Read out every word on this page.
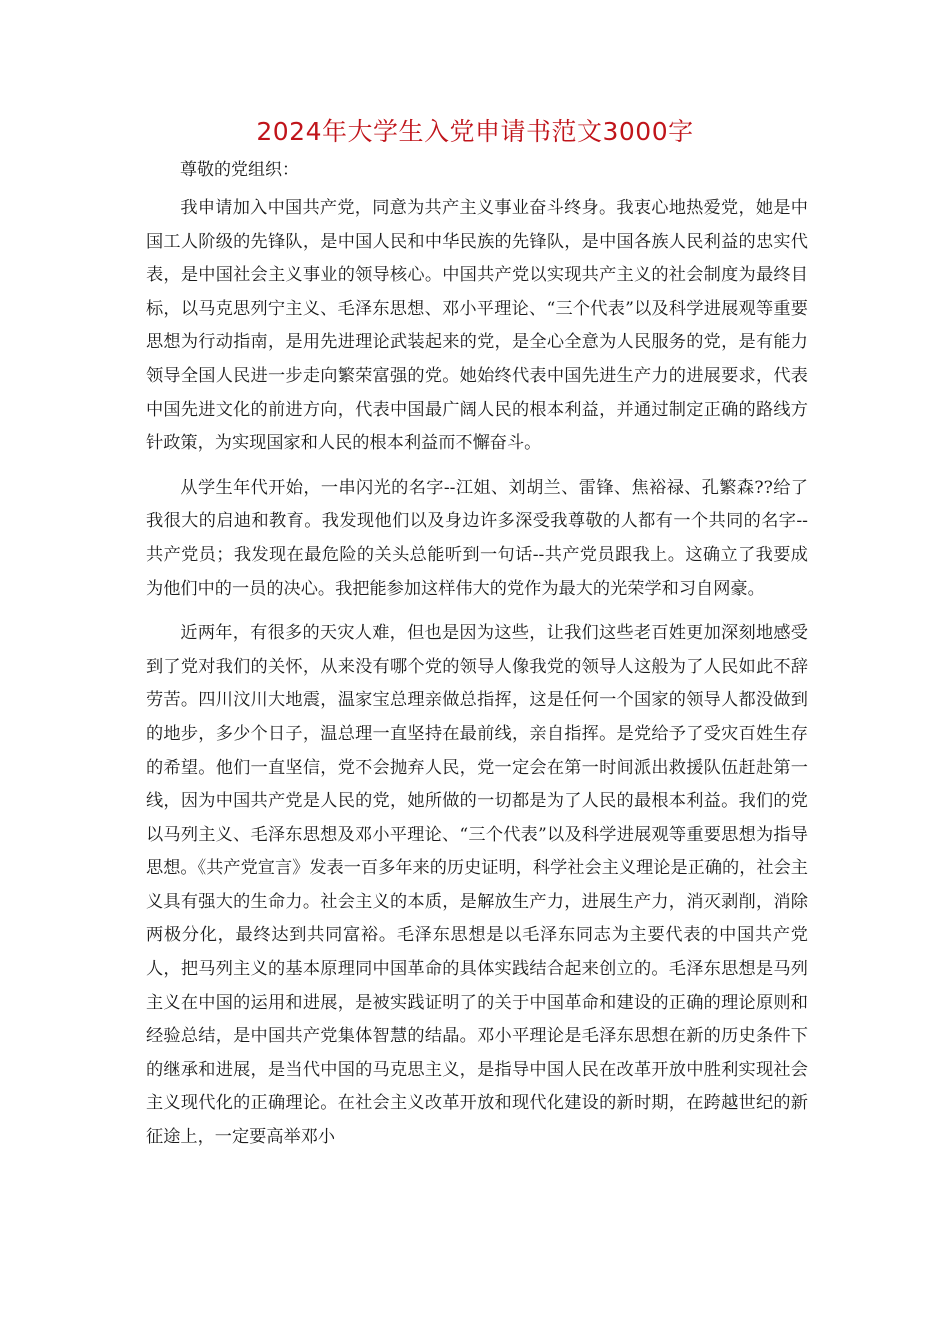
2024年大学生入党申请书范文3000字
尊敬的党组织：

我申请加入中国共产党，同意为共产主义事业奋斗终身。我衷心地热爱党，她是中国工人阶级的先锋队，是中国人民和中华民族的先锋队，是中国各族人民利益的忠实代表，是中国社会主义事业的领导核心。中国共产党以实现共产主义的社会制度为最终目标，以马克思列宁主义、毛泽东思想、邓小平理论、“三个代表”以及科学进展观等重要思想为行动指南，是用先进理论武装起来的党，是全心全意为人民服务的党，是有能力领导全国人民进一步走向繁荣富强的党。她始终代表中国先进生产力的进展要求，代表中国先进文化的前进方向，代表中国最广阔人民的根本利益，并通过制定正确的路线方针政策，为实现国家和人民的根本利益而不懈奋斗。

从学生年代开始，一串闪光的名字--江姐、刘胡兰、雷锋、焦裕禄、孔繁森??给了我很大的启迪和教育。我发现他们以及身边许多深受我尊敬的人都有一个共同的名字--共产党员；我发现在最危险的关头总能听到一句话--共产党员跟我上。这确立了我要成为他们中的一员的决心。我把能参加这样伟大的党作为最大的光荣学和习自网豪。

近两年，有很多的天灾人难，但也是因为这些，让我们这些老百姓更加深刻地感受到了党对我们的关怀，从来没有哪个党的领导人像我党的领导人这般为了人民如此不辞劳苦。四川汶川大地震，温家宝总理亲做总指挥，这是任何一个国家的领导人都没做到的地步，多少个日子，温总理一直坚持在最前线，亲自指挥。是党给予了受灾百姓生存的希望。他们一直坚信，党不会抛弃人民，党一定会在第一时间派出救援队伍赶赴第一线，因为中国共产党是人民的党，她所做的一切都是为了人民的最根本利益。我们的党以马列主义、毛泽东思想及邓小平理论、“三个代表”以及科学进展观等重要思想为指导思想。《共产党宣言》发表一百多年来的历史证明，科学社会主义理论是正确的，社会主义具有强大的生命力。社会主义的本质，是解放生产力，进展生产力，消灭剥削，消除两极分化，最终达到共同富裕。毛泽东思想是以毛泽东同志为主要代表的中国共产党人，把马列主义的基本原理同中国革命的具体实践结合起来创立的。毛泽东思想是马列主义在中国的运用和进展，是被实践证明了的关于中国革命和建设的正确的理论原则和经验总结，是中国共产党集体智慧的结晶。邓小平理论是毛泽东思想在新的历史条件下的继承和进展，是当代中国的马克思主义，是指导中国人民在改革开放中胜利实现社会主义现代化的正确理论。在社会主义改革开放和现代化建设的新时期，在跨越世纪的新征途上，一定要高举邓小
